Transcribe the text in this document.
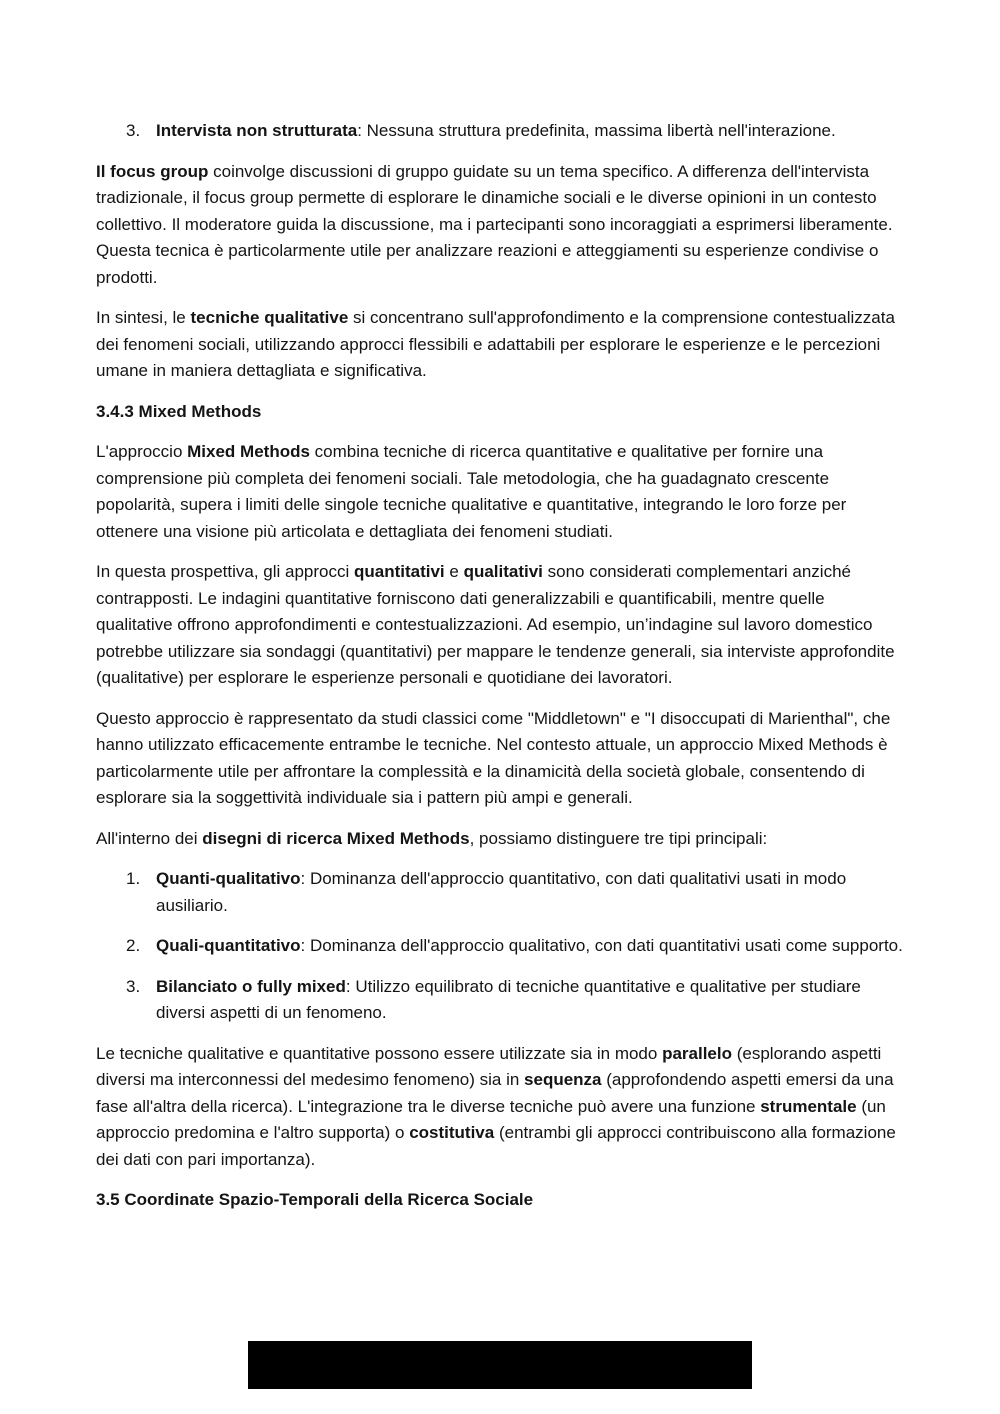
3. Intervista non strutturata: Nessuna struttura predefinita, massima libertà nell'interazione.

Il focus group coinvolge discussioni di gruppo guidate su un tema specifico. A differenza dell'intervista tradizionale, il focus group permette di esplorare le dinamiche sociali e le diverse opinioni in un contesto collettivo. Il moderatore guida la discussione, ma i partecipanti sono incoraggiati a esprimersi liberamente. Questa tecnica è particolarmente utile per analizzare reazioni e atteggiamenti su esperienze condivise o prodotti.

In sintesi, le tecniche qualitative si concentrano sull'approfondimento e la comprensione contestualizzata dei fenomeni sociali, utilizzando approcci flessibili e adattabili per esplorare le esperienze e le percezioni umane in maniera dettagliata e significativa.

3.4.3 Mixed Methods

L'approccio Mixed Methods combina tecniche di ricerca quantitative e qualitative per fornire una comprensione più completa dei fenomeni sociali. Tale metodologia, che ha guadagnato crescente popolarità, supera i limiti delle singole tecniche qualitative e quantitative, integrando le loro forze per ottenere una visione più articolata e dettagliata dei fenomeni studiati.

In questa prospettiva, gli approcci quantitativi e qualitativi sono considerati complementari anziché contrapposti. Le indagini quantitative forniscono dati generalizzabili e quantificabili, mentre quelle qualitative offrono approfondimenti e contestualizzazioni. Ad esempio, un’indagine sul lavoro domestico potrebbe utilizzare sia sondaggi (quantitativi) per mappare le tendenze generali, sia interviste approfondite (qualitative) per esplorare le esperienze personali e quotidiane dei lavoratori.

Questo approccio è rappresentato da studi classici come "Middletown" e "I disoccupati di Marienthal", che hanno utilizzato efficacemente entrambe le tecniche. Nel contesto attuale, un approccio Mixed Methods è particolarmente utile per affrontare la complessità e la dinamicità della società globale, consentendo di esplorare sia la soggettività individuale sia i pattern più ampi e generali.

All'interno dei disegni di ricerca Mixed Methods, possiamo distinguere tre tipi principali:

1. Quanti-qualitativo: Dominanza dell'approccio quantitativo, con dati qualitativi usati in modo ausiliario.
2. Quali-quantitativo: Dominanza dell'approccio qualitativo, con dati quantitativi usati come supporto.
3. Bilanciato o fully mixed: Utilizzo equilibrato di tecniche quantitative e qualitative per studiare diversi aspetti di un fenomeno.

Le tecniche qualitative e quantitative possono essere utilizzate sia in modo parallelo (esplorando aspetti diversi ma interconnessi del medesimo fenomeno) sia in sequenza (approfondendo aspetti emersi da una fase all'altra della ricerca). L'integrazione tra le diverse tecniche può avere una funzione strumentale (un approccio predomina e l'altro supporta) o costitutiva (entrambi gli approcci contribuiscono alla formazione dei dati con pari importanza).

3.5 Coordinate Spazio-Temporali della Ricerca Sociale
